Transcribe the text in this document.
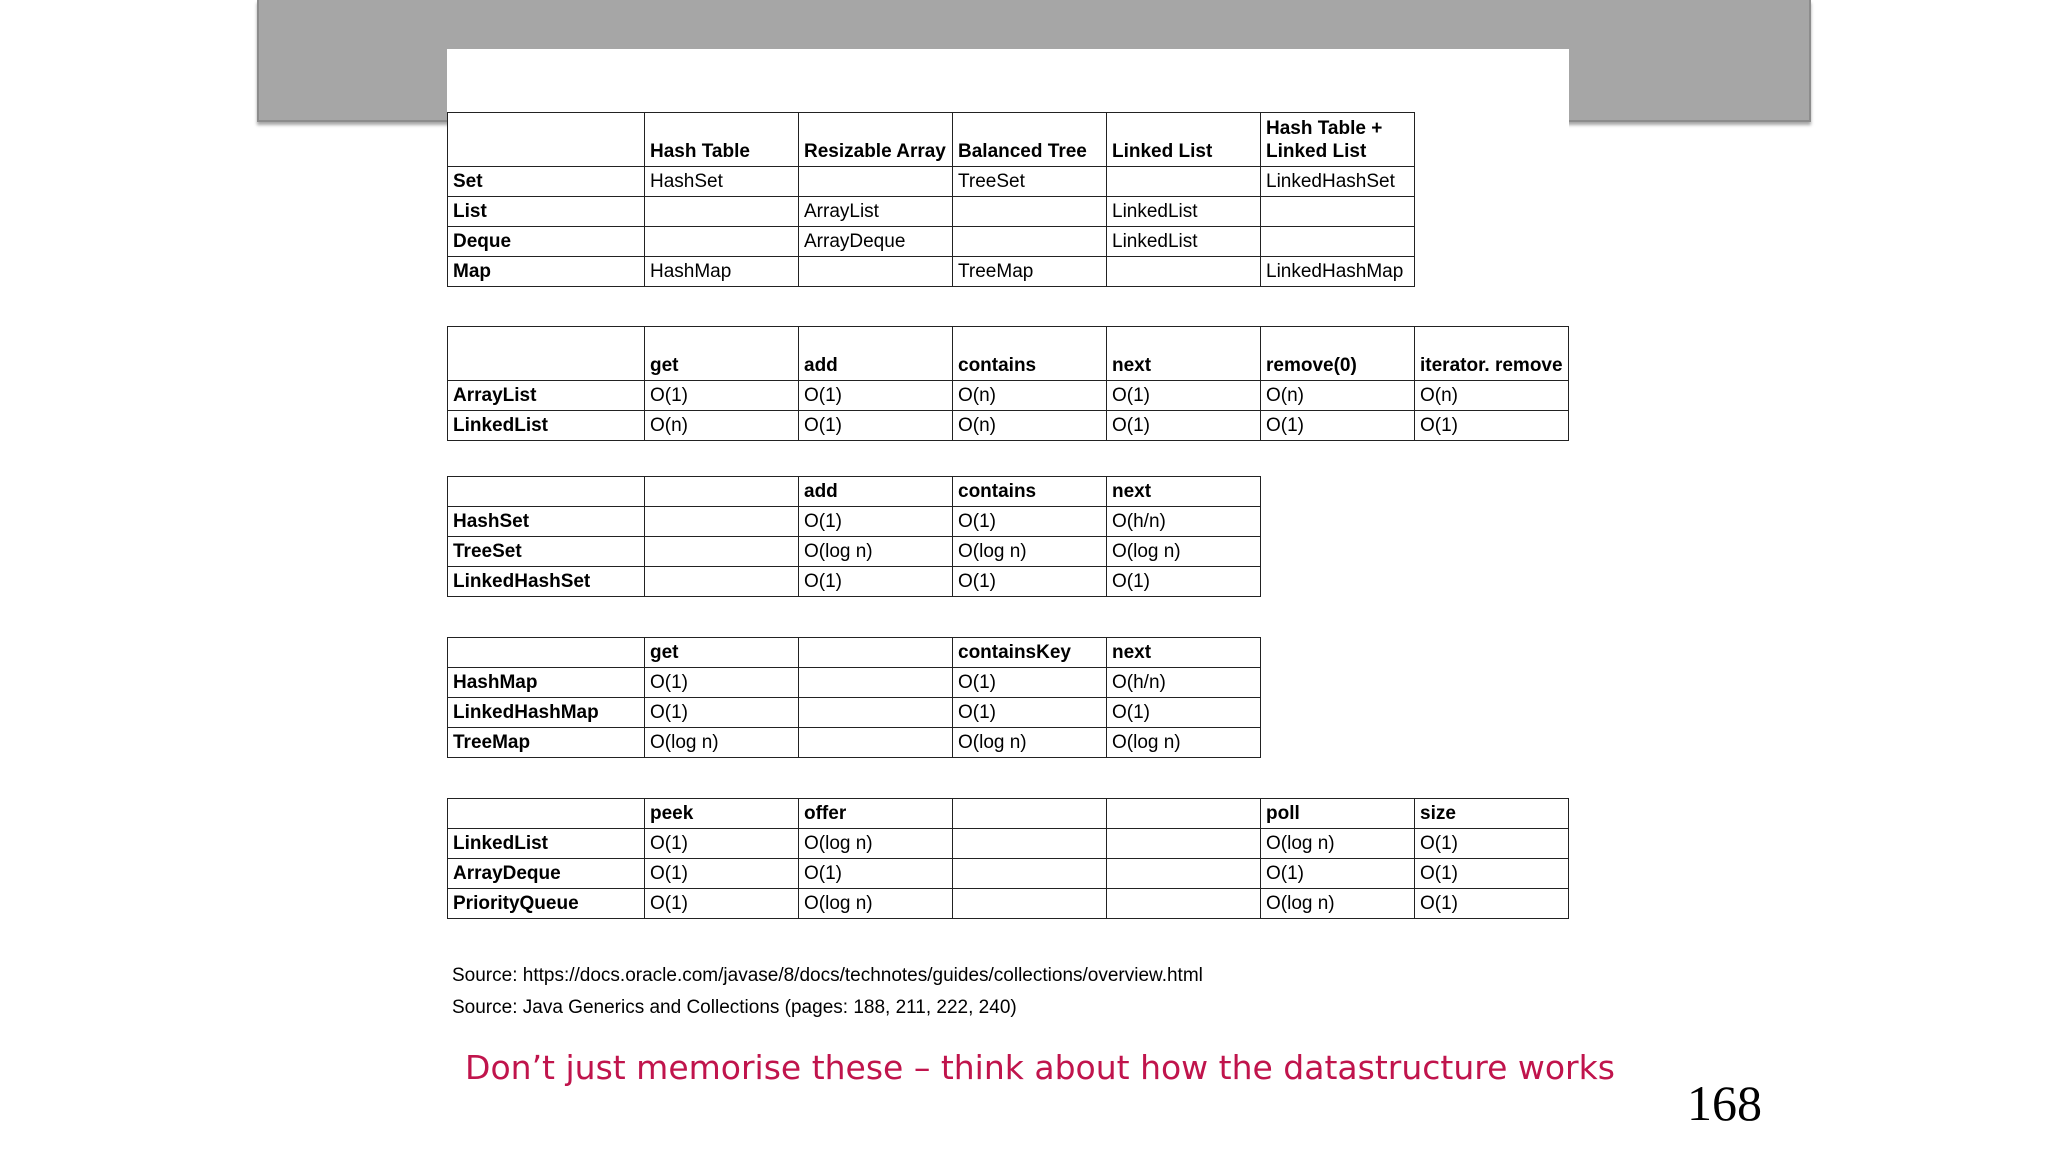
	Hash Table	Resizable Array	Balanced Tree	Linked List	Hash Table + Linked List
Set	HashSet		TreeSet		LinkedHashSet
List		ArrayList		LinkedList	
Deque		ArrayDeque		LinkedList	
Map	HashMap		TreeMap		LinkedHashMap
	get	add	contains	next	remove(0)	iterator. remove
ArrayList	O(1)	O(1)	O(n)	O(1)	O(n)	O(n)
LinkedList	O(n)	O(1)	O(n)	O(1)	O(1)	O(1)
		add	contains	next
HashSet		O(1)	O(1)	O(h/n)
TreeSet		O(log n)	O(log n)	O(log n)
LinkedHashSet		O(1)	O(1)	O(1)
	get		containsKey	next
HashMap	O(1)		O(1)	O(h/n)
LinkedHashMap	O(1)		O(1)	O(1)
TreeMap	O(log n)		O(log n)	O(log n)
	peek	offer			poll	size
LinkedList	O(1)	O(log n)			O(log n)	O(1)
ArrayDeque	O(1)	O(1)			O(1)	O(1)
PriorityQueue	O(1)	O(log n)			O(log n)	O(1)
Source: https://docs.oracle.com/javase/8/docs/technotes/guides/collections/overview.html
Source: Java Generics and Collections (pages: 188, 211, 222, 240)
Don’t just memorise these – think about how the datastructure works
168
